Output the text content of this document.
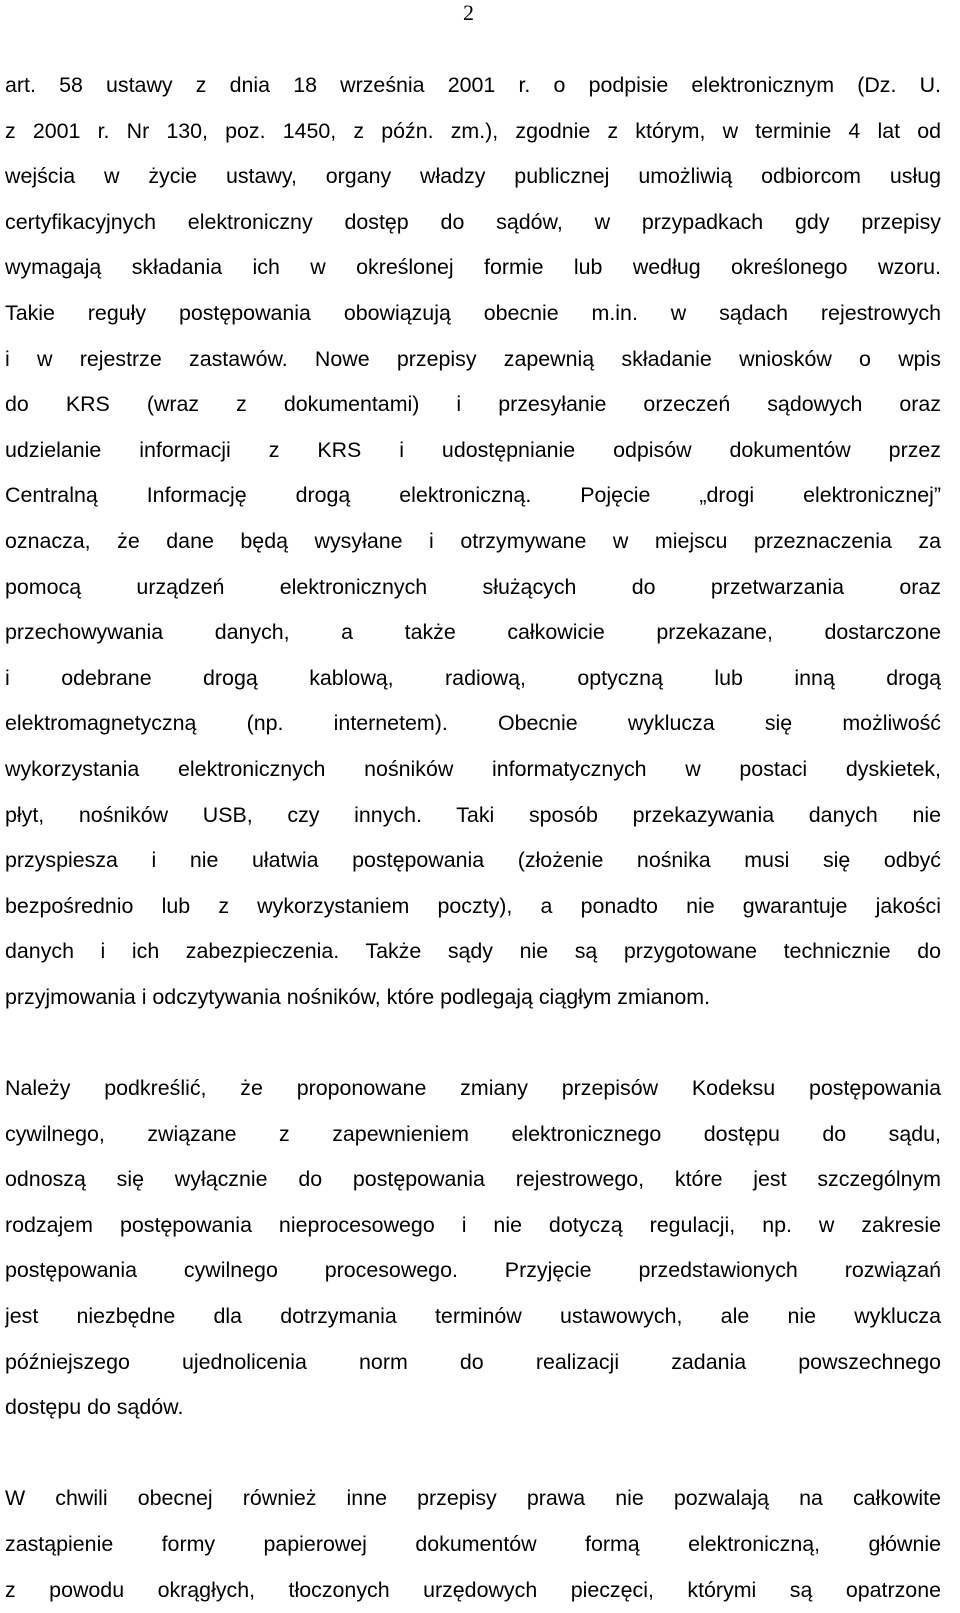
2
art. 58 ustawy z dnia 18 września 2001 r. o podpisie elektronicznym (Dz. U.
z 2001 r. Nr 130, poz. 1450, z późn. zm.), zgodnie z którym, w terminie 4 lat od
wejścia w życie ustawy, organy władzy publicznej umożliwią odbiorcom usług
certyfikacyjnych elektroniczny dostęp do sądów, w przypadkach gdy przepisy
wymagają składania ich w określonej formie lub według określonego wzoru.
Takie reguły postępowania obowiązują obecnie m.in. w sądach rejestrowych
i w rejestrze zastawów. Nowe przepisy zapewnią składanie wniosków o wpis
do KRS (wraz z dokumentami) i przesyłanie orzeczeń sądowych oraz
udzielanie informacji z KRS i udostępnianie odpisów dokumentów przez
Centralną Informację drogą elektroniczną. Pojęcie „drogi elektronicznej”
oznacza, że dane będą wysyłane i otrzymywane w miejscu przeznaczenia za
pomocą urządzeń elektronicznych służących do przetwarzania oraz
przechowywania danych, a także całkowicie przekazane, dostarczone
i odebrane drogą kablową, radiową, optyczną lub inną drogą
elektromagnetyczną (np. internetem). Obecnie wyklucza się możliwość
wykorzystania elektronicznych nośników informatycznych w postaci dyskietek,
płyt, nośników USB, czy innych. Taki sposób przekazywania danych nie
przyspiesza i nie ułatwia postępowania (złożenie nośnika musi się odbyć
bezpośrednio lub z wykorzystaniem poczty), a ponadto nie gwarantuje jakości
danych i ich zabezpieczenia. Także sądy nie są przygotowane technicznie do
przyjmowania i odczytywania nośników, które podlegają ciągłym zmianom.
Należy podkreślić, że proponowane zmiany przepisów Kodeksu postępowania
cywilnego, związane z zapewnieniem elektronicznego dostępu do sądu,
odnoszą się wyłącznie do postępowania rejestrowego, które jest szczególnym
rodzajem postępowania nieprocesowego i nie dotyczą regulacji, np. w zakresie
postępowania cywilnego procesowego. Przyjęcie przedstawionych rozwiązań
jest niezbędne dla dotrzymania terminów ustawowych, ale nie wyklucza
późniejszego ujednolicenia norm do realizacji zadania powszechnego
dostępu do sądów.
W chwili obecnej również inne przepisy prawa nie pozwalają na całkowite
zastąpienie formy papierowej dokumentów formą elektroniczną, głównie
z powodu okrągłych, tłoczonych urzędowych pieczęci, którymi są opatrzone
